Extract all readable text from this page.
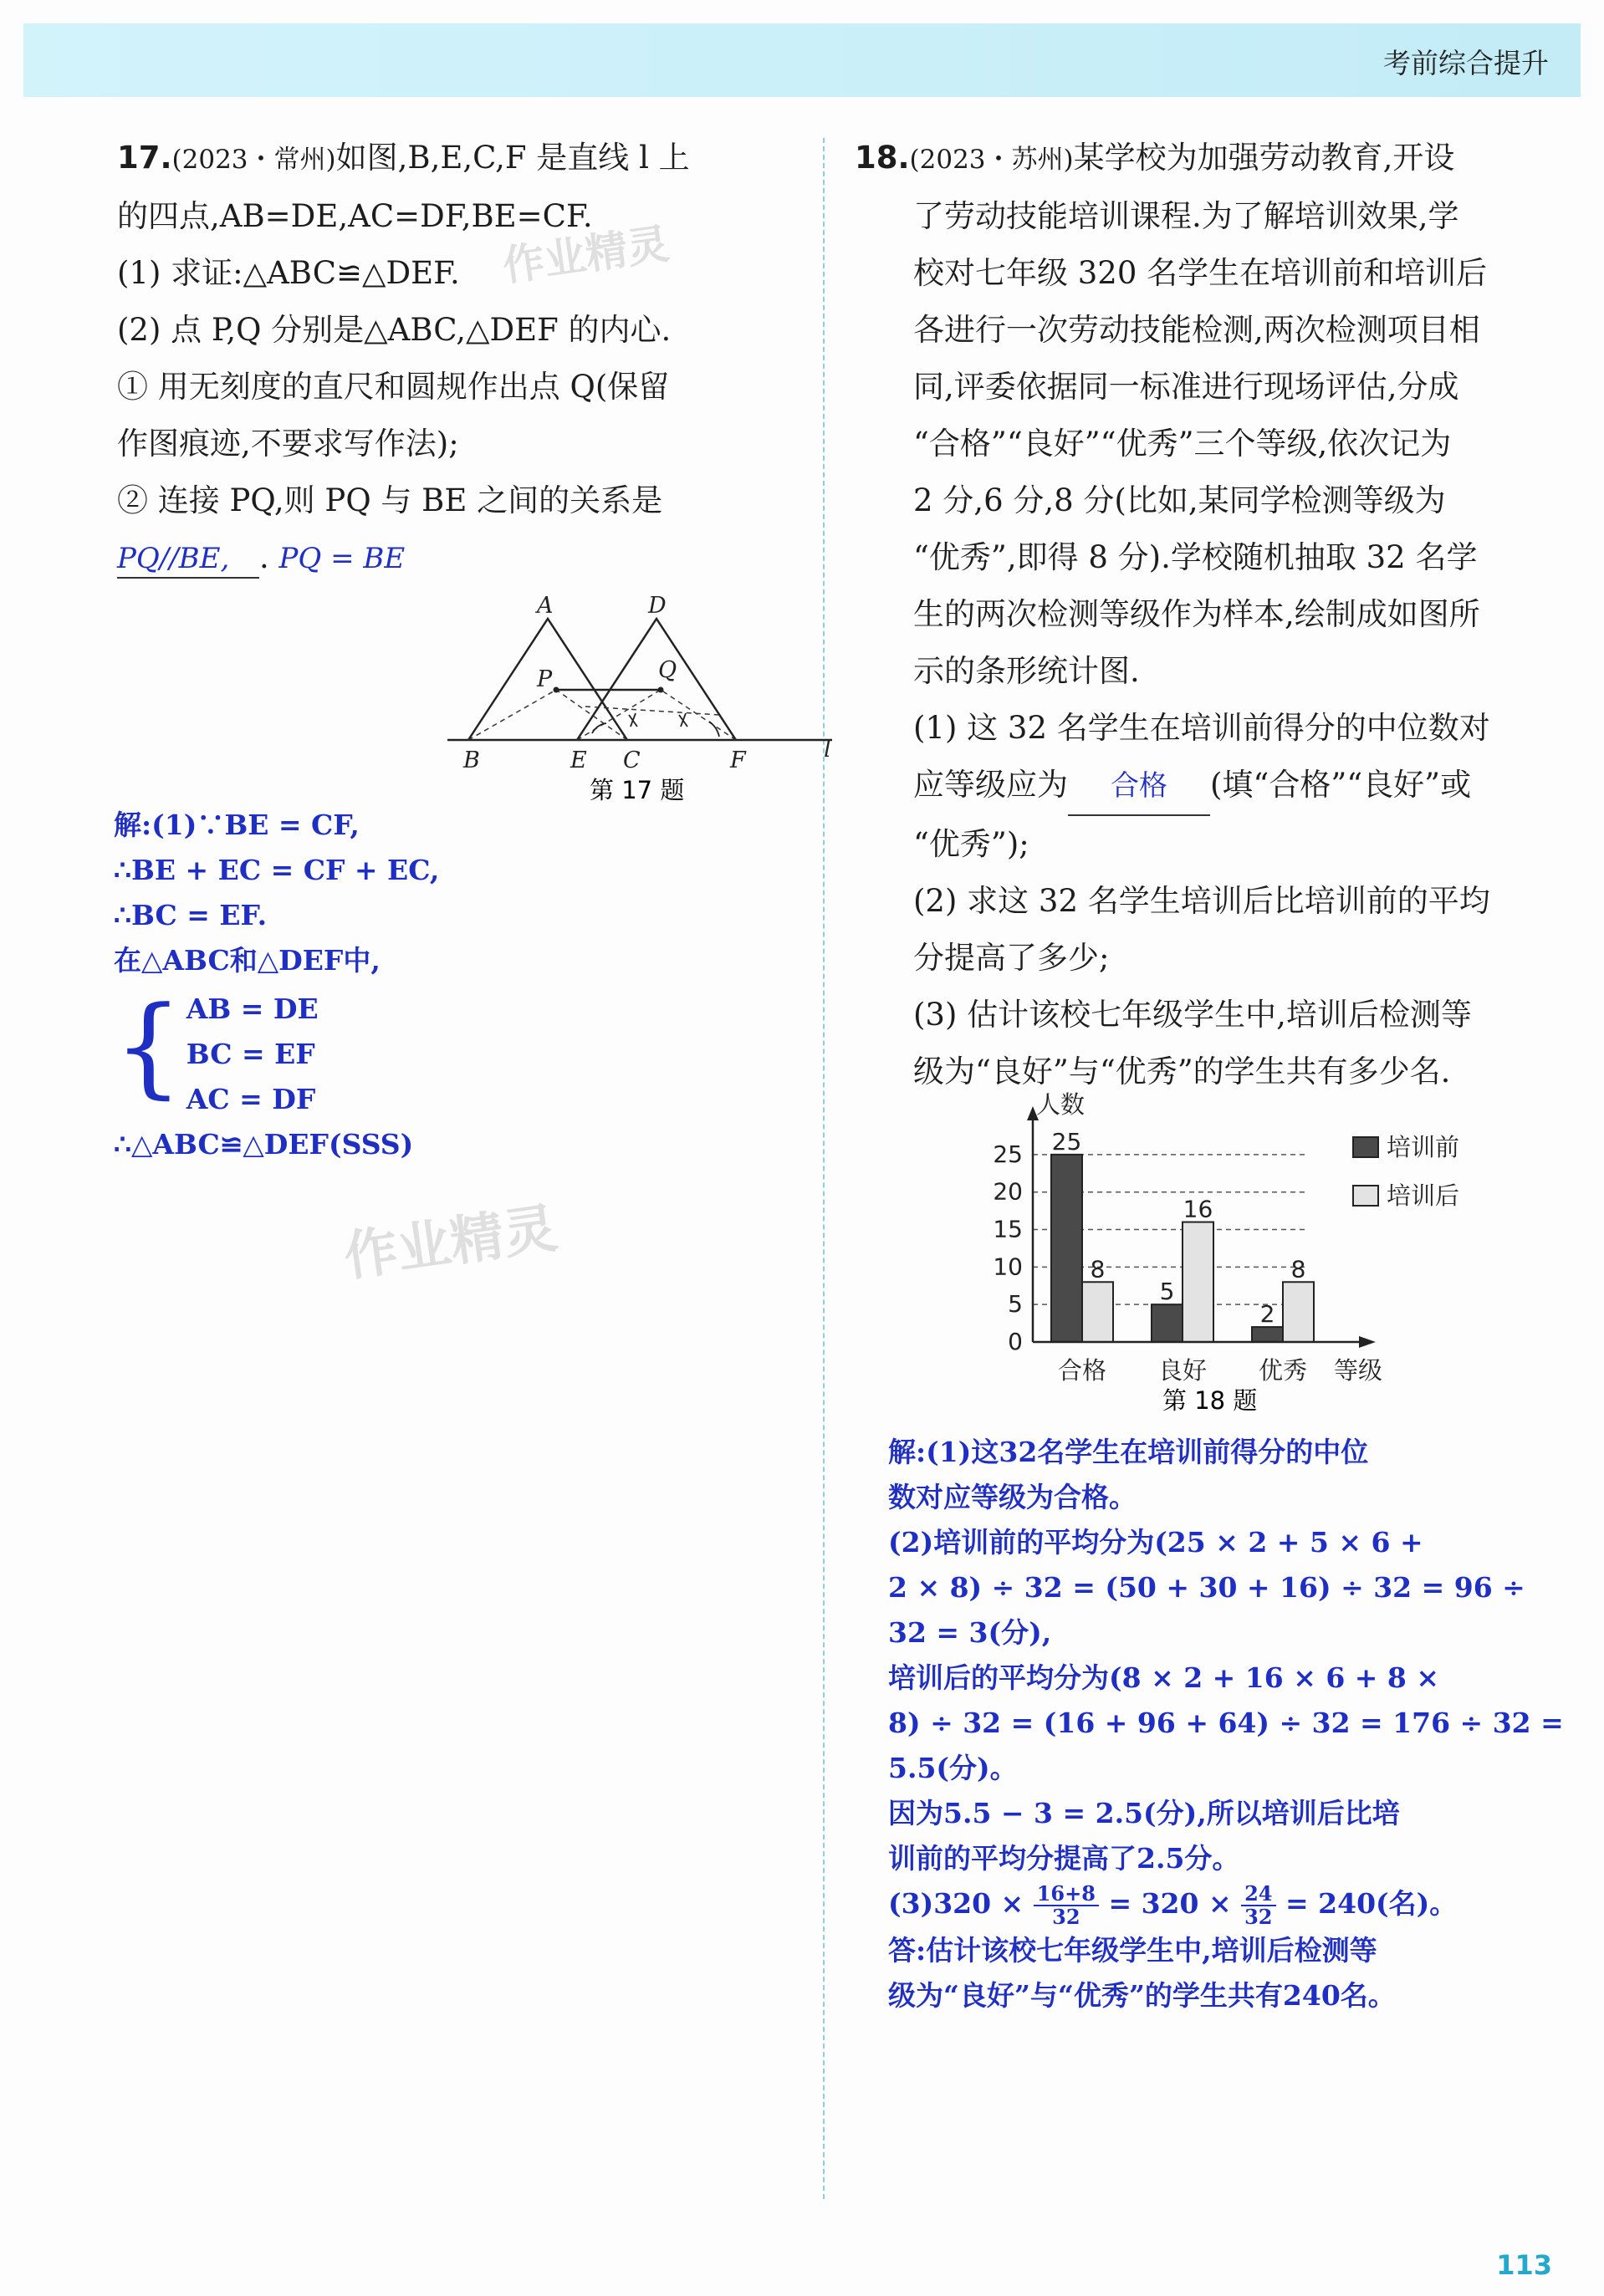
考前综合提升

17.(2023・常州)如图,B,E,C,F 是直线 l 上

的四点,AB=DE,AC=DF,BE=CF.

(1) 求证:△ABC≌△DEF.

(2) 点 P,Q 分别是△ABC,△DEF 的内心.

① 用无刻度的直尺和圆规作出点 Q(保留

作图痕迹,不要求写作法);

② 连接 PQ,则 PQ 与 BE 之间的关系是

PQ//BE, . PQ = BE

A	D
P	Q
B	E C	F	l
第 17 题

解:(1)∵BE = CF,

∴BE + EC = CF + EC,

∴BC = EF.

在△ABC和△DEF中,

{ AB = DE

BC = EF

AC = DF

∴△ABC≌△DEF(SSS)

18.(2023・苏州)某学校为加强劳动教育,开设

了劳动技能培训课程.为了解培训效果,学

校对七年级 320 名学生在培训前和培训后

各进行一次劳动技能检测,两次检测项目相

同,评委依据同一标准进行现场评估,分成

“合格”“良好”“优秀”三个等级,依次记为

2 分,6 分,8 分(比如,某同学检测等级为

“优秀”,即得 8 分).学校随机抽取 32 名学

生的两次检测等级作为样本,绘制成如图所

示的条形统计图.

(1) 这 32 名学生在培训前得分的中位数对

应等级应为 合格 (填“合格”“良好”或

“优秀”);

(2) 求这 32 名学生培训后比培训前的平均

分提高了多少;

(3) 估计该校七年级学生中,培训后检测等

级为“良好”与“优秀”的学生共有多少名.

25
8
5
16
2
8
0
5
10
15
20
25
人数
等级
合格 良好 优秀
培训前
培训后
第 18 题

解:(1)这32名学生在培训前得分的中位

数对应等级为合格。

(2)培训前的平均分为(25 × 2 + 5 × 6 +

2 × 8) ÷ 32 = (50 + 30 + 16) ÷ 32 = 96 ÷

32 = 3(分),

培训后的平均分为(8 × 2 + 16 × 6 + 8 ×

8) ÷ 32 = (16 + 96 + 64) ÷ 32 = 176 ÷ 32 =

5.5(分)。

因为5.5 − 3 = 2.5(分),所以培训后比培

训前的平均分提高了2.5分。

$(3)320 \times \frac{16+8}{32} = 320 \times \frac{24}{32} = 240$(名)。

答:估计该校七年级学生中,培训后检测等

级为“良好”与“优秀”的学生共有240名。

作业精灵
作业精灵
113
